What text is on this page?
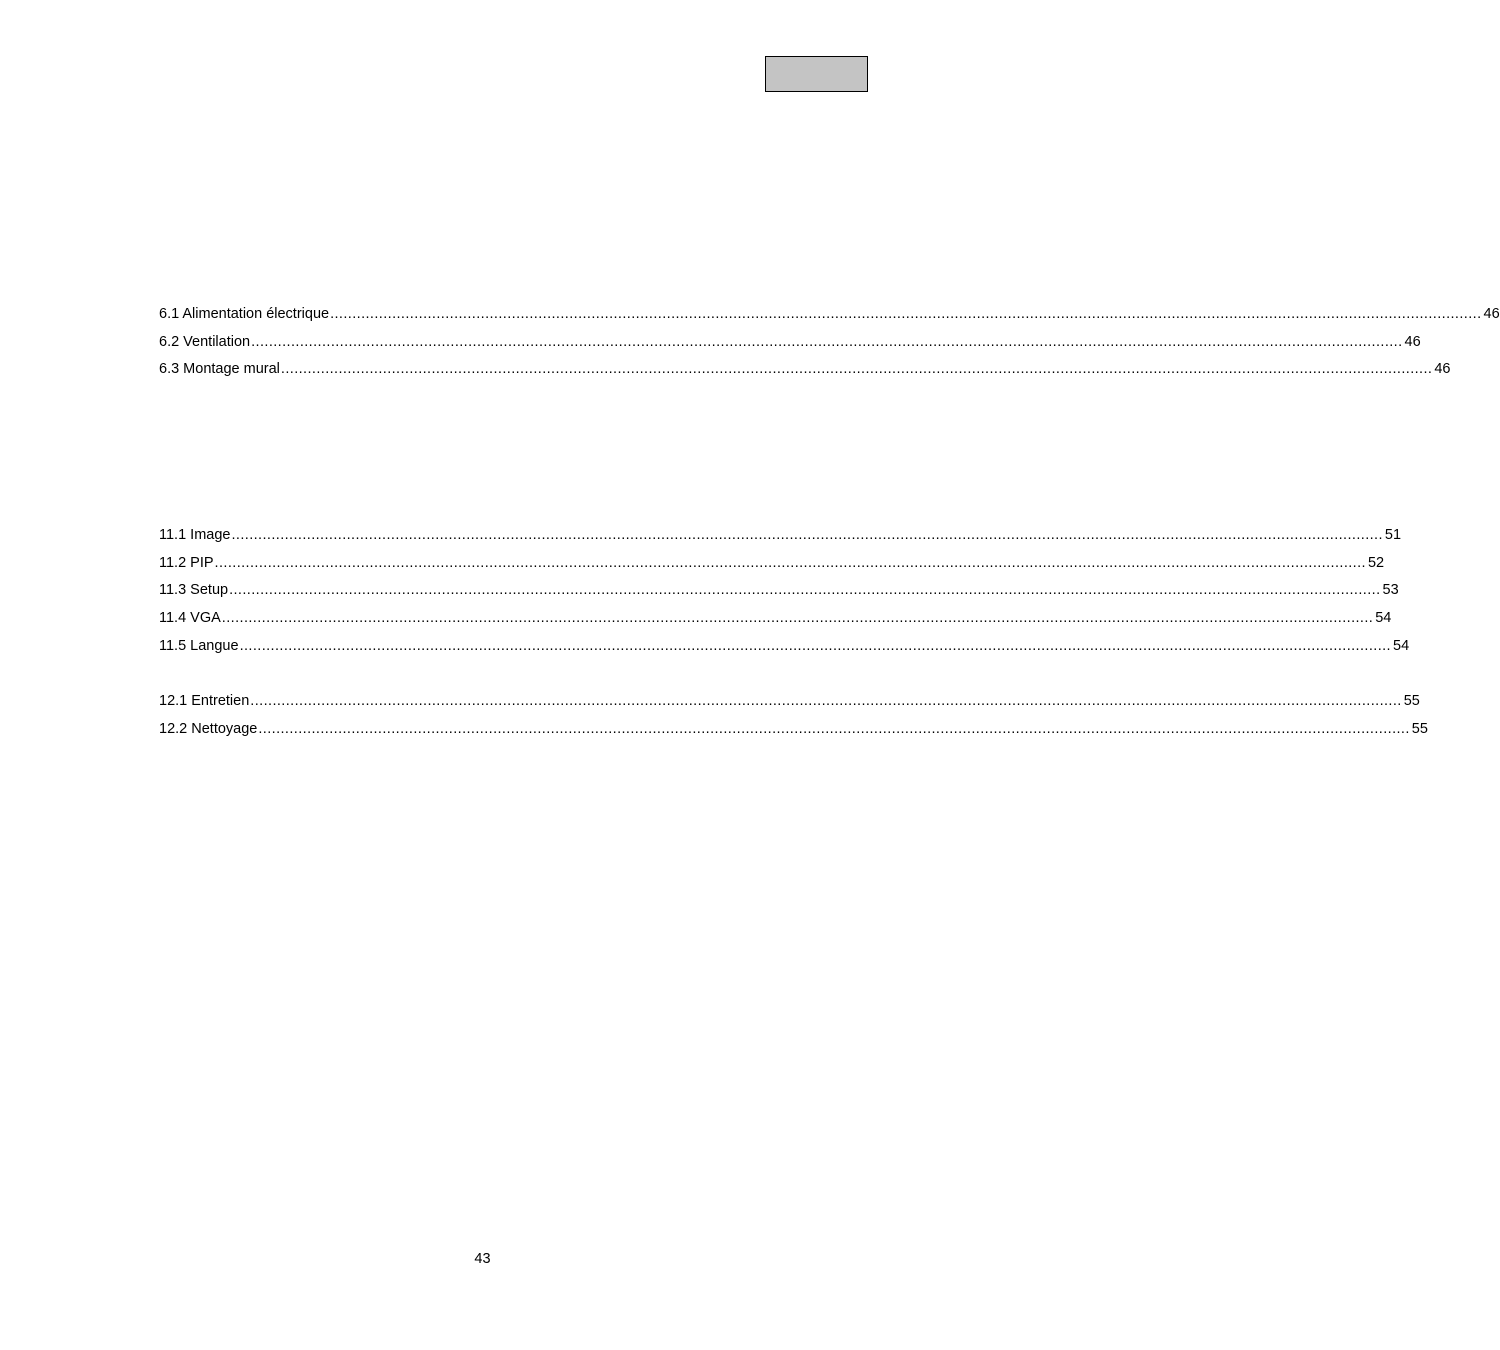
6.1 Alimentation électrique .................................................................................................................................................................................................................................................................... 46
6.2 Ventilation .................................................................................................................................................................................................................................................................... 46
6.3 Montage mural .................................................................................................................................................................................................................................................................... 46
11.1 Image .................................................................................................................................................................................................................................................................... 51
11.2 PIP .................................................................................................................................................................................................................................................................... 52
11.3 Setup .................................................................................................................................................................................................................................................................... 53
11.4 VGA .................................................................................................................................................................................................................................................................... 54
11.5 Langue .................................................................................................................................................................................................................................................................... 54
12.1 Entretien .................................................................................................................................................................................................................................................................... 55
12.2 Nettoyage .................................................................................................................................................................................................................................................................... 55
43
